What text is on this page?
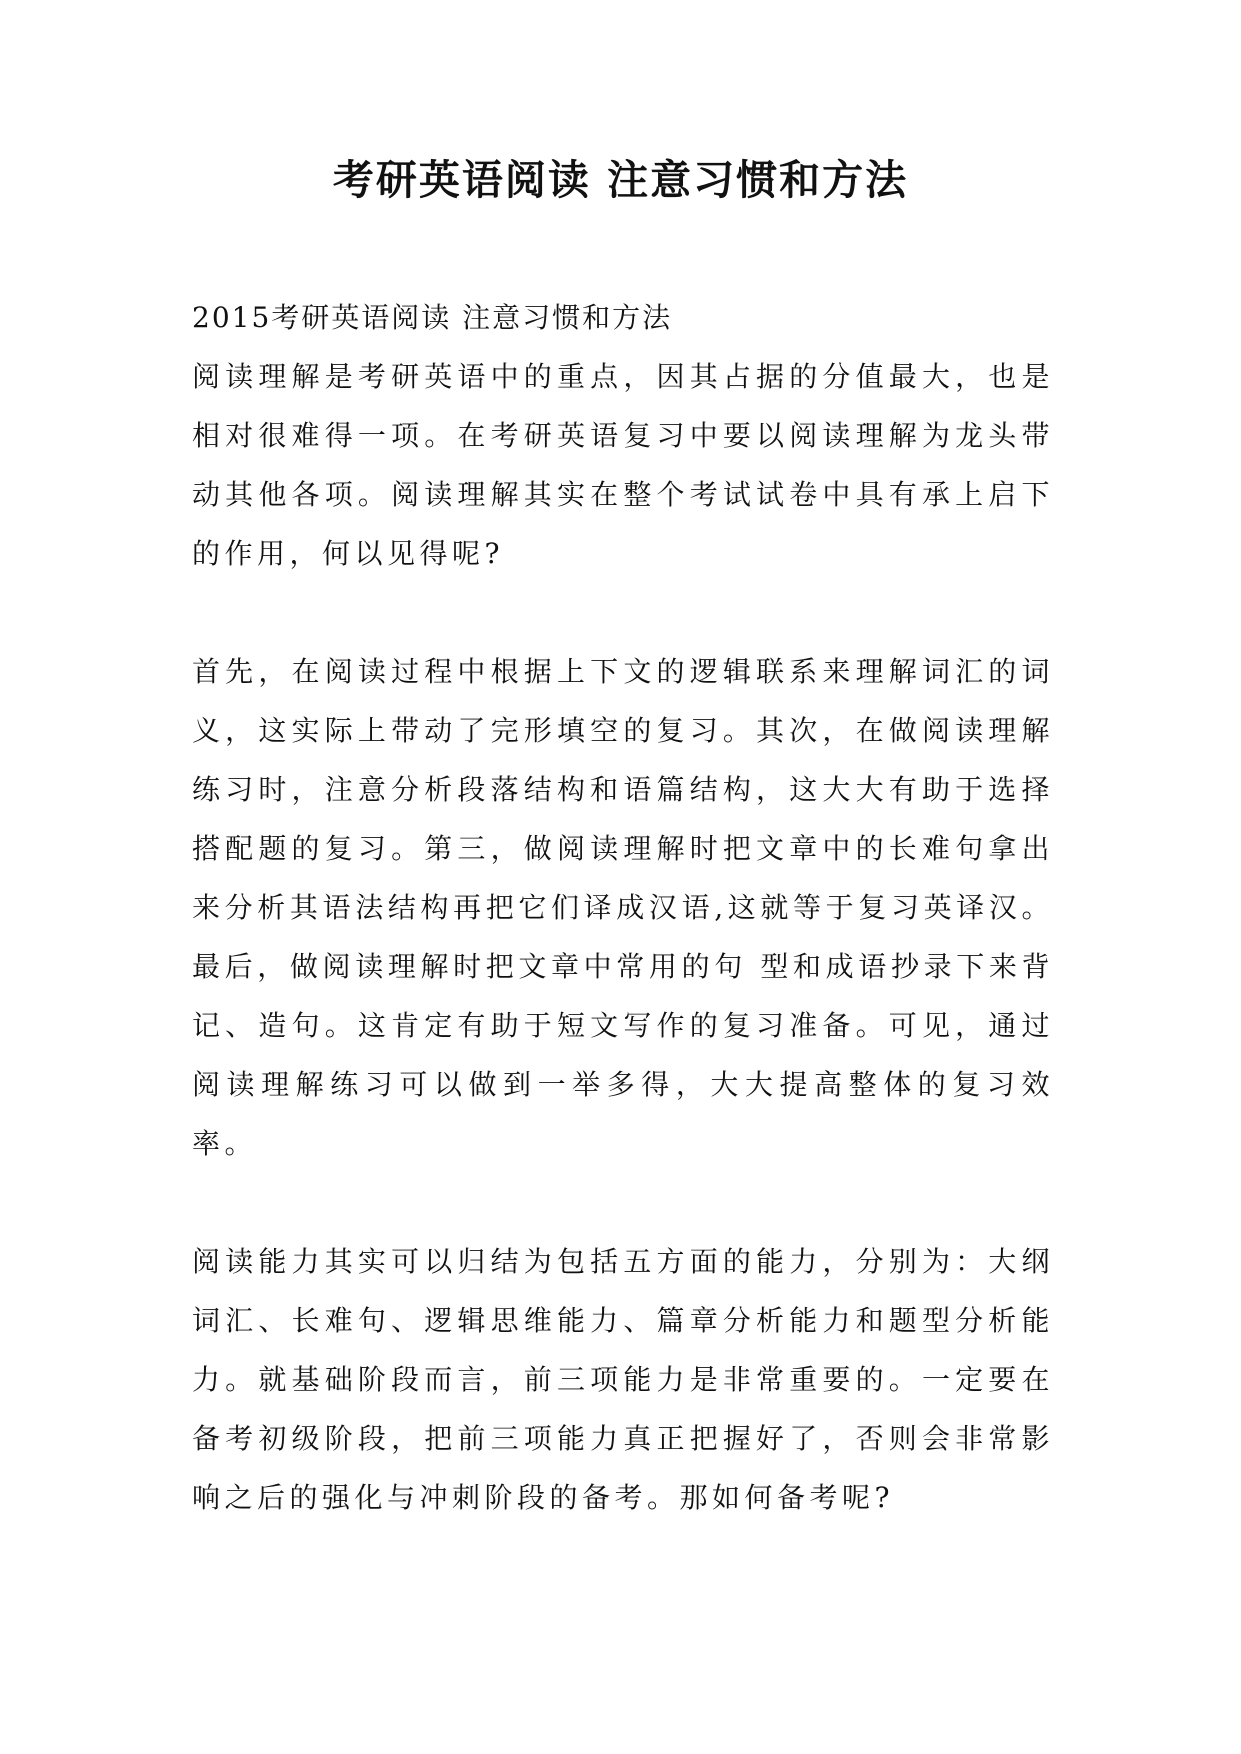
考研英语阅读 注意习惯和方法

2015考研英语阅读 注意习惯和方法

阅读理解是考研英语中的重点，因其占据的分值最大，也是相对很难得一项。在考研英语复习中要以阅读理解为龙头带动其他各项。阅读理解其实在整个考试试卷中具有承上启下的作用，何以见得呢?

首先，在阅读过程中根据上下文的逻辑联系来理解词汇的词义，这实际上带动了完形填空的复习。其次，在做阅读理解练习时，注意分析段落结构和语篇结构，这大大有助于选择搭配题的复习。第三，做阅读理解时把文章中的长难句拿出来分析其语法结构再把它们译成汉语,这就等于复习英译汉。最后，做阅读理解时把文章中常用的句 型和成语抄录下来背记、造句。这肯定有助于短文写作的复习准备。可见，通过阅读理解练习可以做到一举多得，大大提高整体的复习效率。

阅读能力其实可以归结为包括五方面的能力，分别为：大纲词汇、长难句、逻辑思维能力、篇章分析能力和题型分析能力。就基础阶段而言，前三项能力是非常重要的。一定要在备考初级阶段，把前三项能力真正把握好了，否则会非常影响之后的强化与冲刺阶段的备考。那如何备考呢?
